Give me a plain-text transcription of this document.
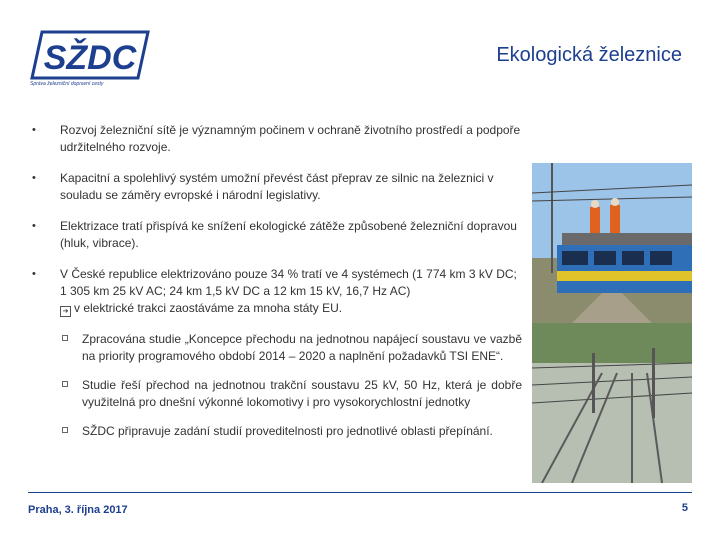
SŽDC
Správa železniční dopravní cesty
Ekologická železnice
• Rozvoj železniční sítě je významným počinem v ochraně životního prostředí a podpoře udržitelného rozvoje.
• Kapacitní a spolehlivý systém umožní převést část přeprav ze silnic na železnici v souladu se záměry evropské i národní legislativy.
• Elektrizace tratí přispívá ke snížení ekologické zátěže způsobené železniční dopravou (hluk, vibrace).
• V České republice elektrizováno pouze 34 % tratí ve 4 systémech (1 774 km 3 kV DC; 1 305 km 25 kV AC; 24 km 1,5 kV DC a 12 km 15 kV, 16,7 Hz AC)
➔ v elektrické trakci zaostáváme za mnoha státy EU.
Zpracována studie „Koncepce přechodu na jednotnou napájecí soustavu ve vazbě na priority programového období 2014 – 2020 a naplnění požadavků TSI ENE“.
Studie řeší přechod na jednotnou trakční soustavu 25 kV, 50 Hz, která je dobře využitelná pro dnešní výkonné lokomotivy i pro vysokorychlostní jednotky
SŽDC připravuje zadání studií proveditelnosti pro jednotlivé oblasti přepínání.
Praha, 3. října 2017	5
